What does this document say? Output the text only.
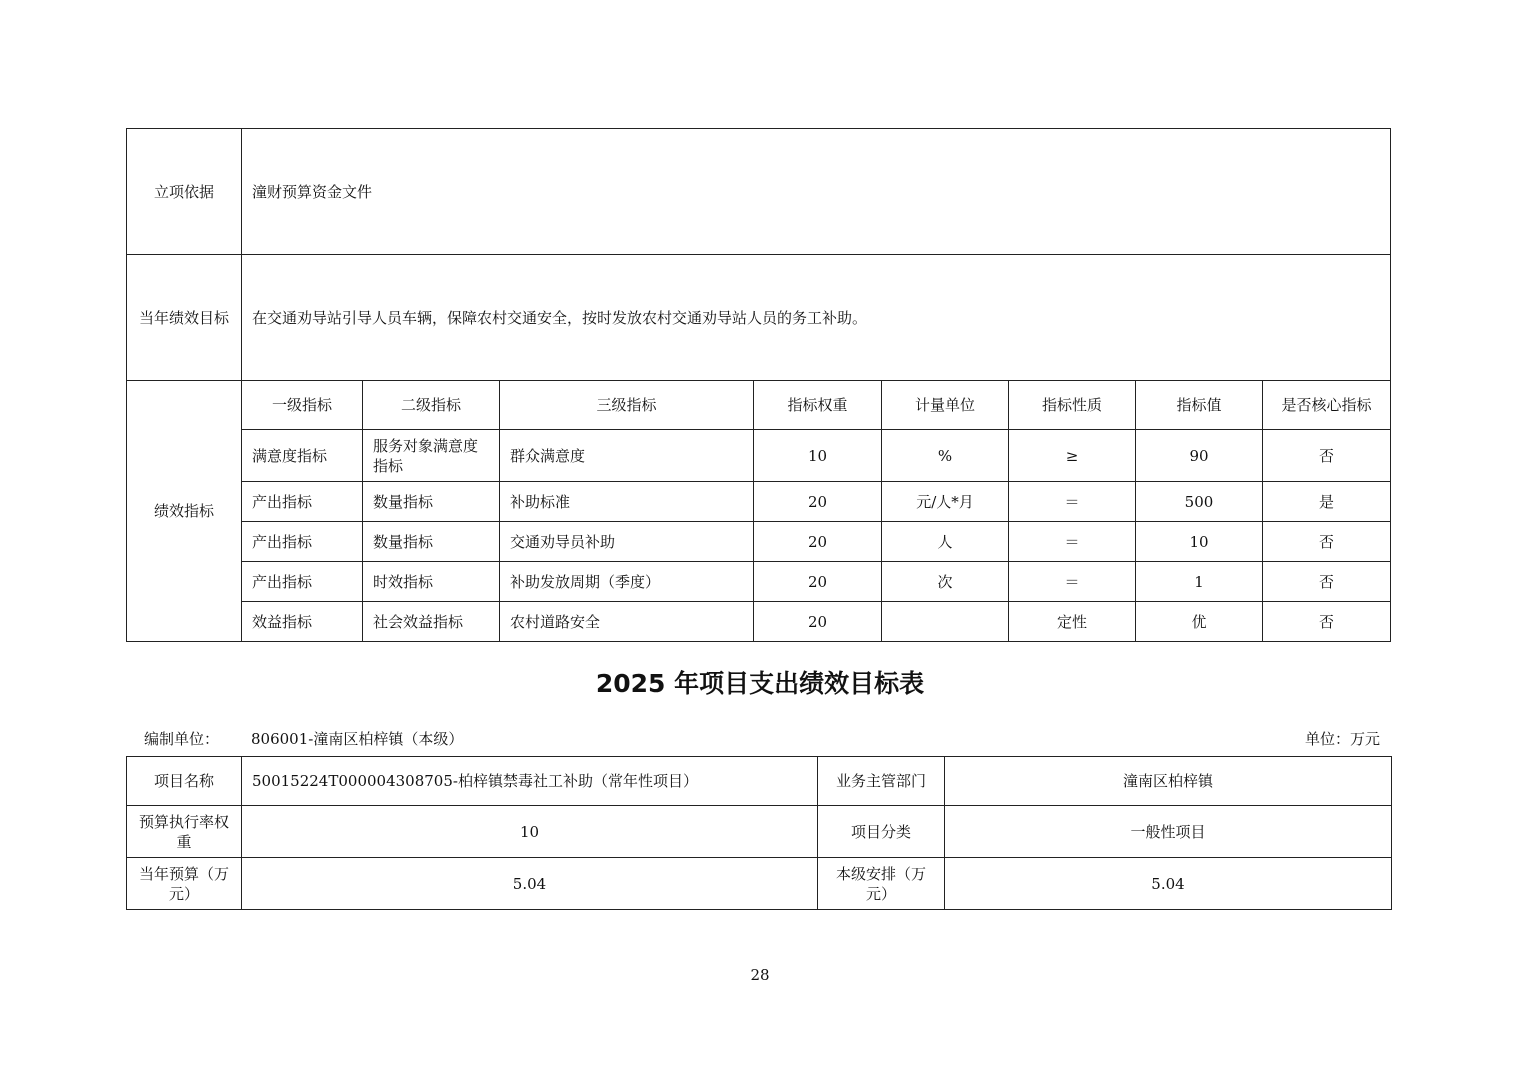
立项依据	潼财预算资金文件							
当年绩效目标	在交通劝导站引导人员车辆，保障农村交通安全，按时发放农村交通劝导站人员的务工补助。							
绩效指标	一级指标	二级指标	三级指标	指标权重	计量单位	指标性质	指标值	是否核心指标
	满意度指标	服务对象满意度指标	群众满意度	10	%	≥	90	否
	产出指标	数量指标	补助标准	20	元/人*月	＝	500	是
	产出指标	数量指标	交通劝导员补助	20	人	＝	10	否
	产出指标	时效指标	补助发放周期（季度）	20	次	＝	1	否
	效益指标	社会效益指标	农村道路安全	20		定性	优	否
2025 年项目支出绩效目标表
编制单位： 806001-潼南区柏梓镇（本级）	单位：万元
项目名称	50015224T000004308705-柏梓镇禁毒社工补助（常年性项目）	业务主管部门	潼南区柏梓镇
预算执行率权重	10	项目分类	一般性项目
当年预算（万元）	5.04	本级安排（万元）	5.04
28
